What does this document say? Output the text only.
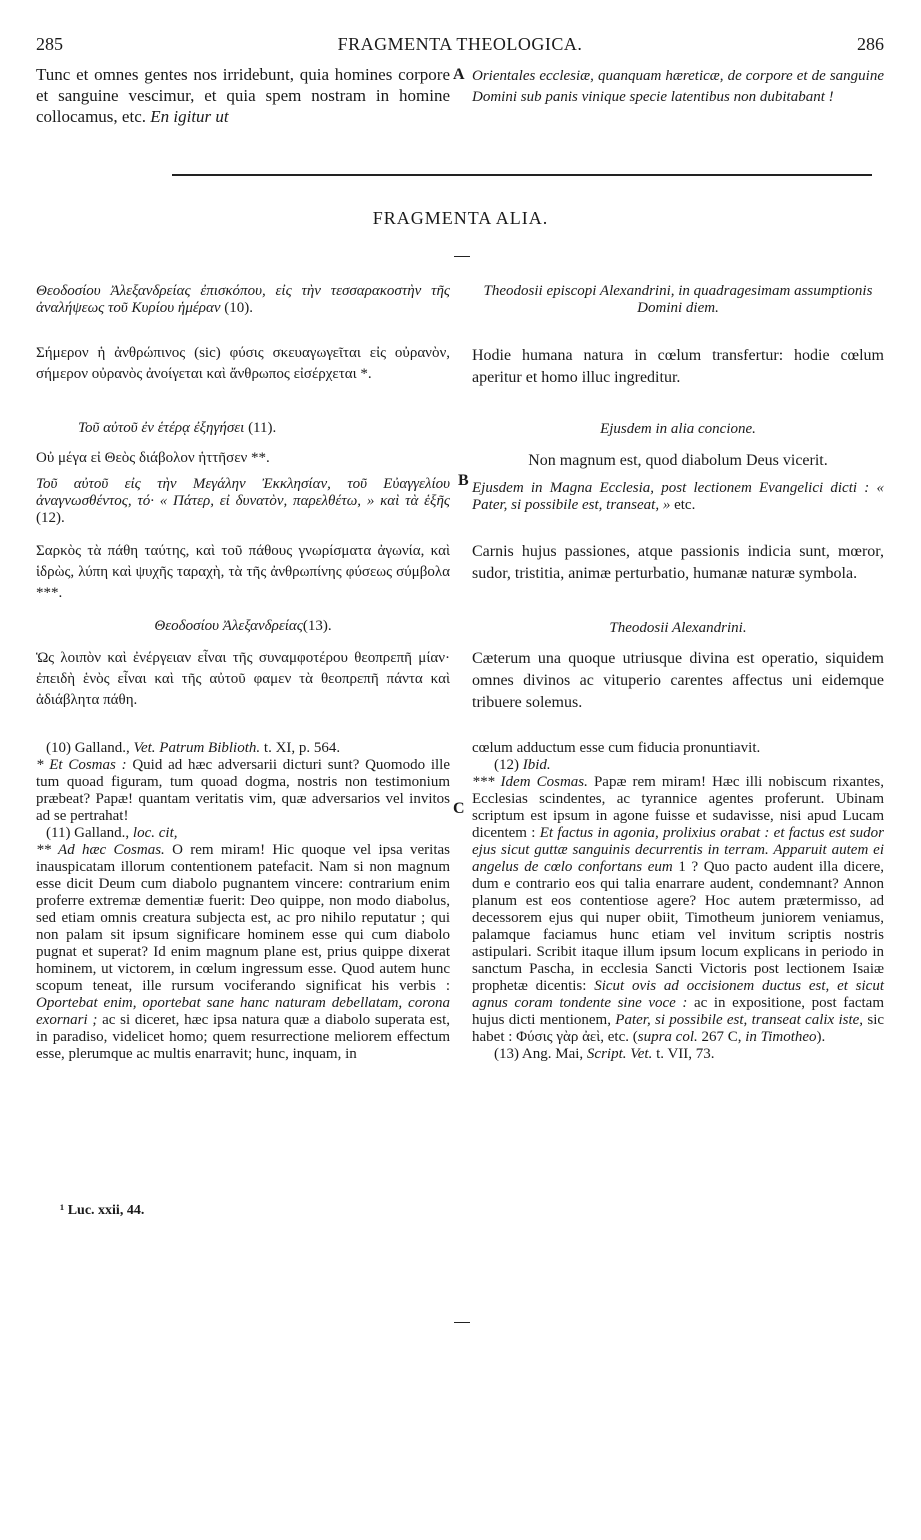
285	FRAGMENTA THEOLOGICA.	286
Tunc et omnes gentes nos irridebunt, quia homines corpore et sanguine vescimur, et quia spem nostram in homine collocamus, etc. En igitur ut
A Orientales ecclesiæ, quanquam hæreticæ, de corpore et de sanguine Domini sub panis vinique specie latentibus non dubitabant !
FRAGMENTA ALIA.

Θεοδοσίου Ἀλεξανδρείας ἐπισκόπου, εἰς τὴν τεσσαρακοστὴν τῆς ἀναλήψεως τοῦ Κυρίου ἡμέραν (10).

Σήμερον ἡ ἀνθρώπινος (sic) φύσις σκευαγωγεῖται εἰς οὐρανὸν, σήμερον οὐρανὸς ἀνοίγεται καὶ ἄνθρωπος εἰσέρχεται *.

Τοῦ αὐτοῦ ἐν ἑτέρᾳ ἐξηγήσει (11).

Οὐ μέγα εἰ Θεὸς διάβολον ἡττῆσεν **.

Τοῦ αὐτοῦ εἰς τὴν Μεγάλην Ἐκκλησίαν, τοῦ Εὐαγγελίου ἀναγνωσθέντος, τό· « Πάτερ, εἰ δυνατὸν, παρελθέτω, » καὶ τὰ ἑξῆς (12).

B

Σαρκὸς τὰ πάθη ταύτης, καὶ τοῦ πάθους γνωρίσματα ἀγωνία, καὶ ἱδρὼς, λύπη καὶ ψυχῆς ταραχὴ, τὰ τῆς ἀνθρωπίνης φύσεως σύμβολα ***.

Θεοδοσίου Ἀλεξανδρείας(13).

Ὡς λοιπὸν καὶ ἐνέργειαν εἶναι τῆς συναμφοτέρου θεοπρεπῆ μίαν· ἐπειδὴ ἑνὸς εἶναι καὶ τῆς αὐτοῦ φαμεν τὰ θεοπρεπῆ πάντα καὶ ἀδιάβλητα πάθη.

Theodosii episcopi Alexandrini, in quadragesimam assumptionis Domini diem.

Hodie humana natura in cœlum transfertur: hodie cœlum aperitur et homo illuc ingreditur.

Ejusdem in alia concione.

Non magnum est, quod diabolum Deus vicerit.

Ejusdem in Magna Ecclesia, post lectionem Evangelici dicti : « Pater, si possibile est, transeat, » etc.

Carnis hujus passiones, atque passionis indicia sunt, mœror, sudor, tristitia, animæ perturbatio, humanæ naturæ symbola.

Theodosii Alexandrini.

Cæterum una quoque utriusque divina est operatio, siquidem omnes divinos ac vituperio carentes affectus uni eidemque tribuere solemus.

(10) Galland., Vet. Patrum Biblioth. t. XI, p. 564.

* Et Cosmas : Quid ad hæc adversarii dicturi sunt? Quomodo ille tum quoad figuram, tum quoad dogma, nostris non testimonium præbeat? Papæ! quantam veritatis vim, quæ adversarios vel invitos ad se pertrahat!

(11) Galland., loc. cit,

** Ad hæc Cosmas. O rem miram! Hic quoque vel ipsa veritas inauspicatam illorum contentionem patefacit. Nam si non magnum esse dicit Deum cum diabolo pugnantem vincere: contrarium enim proferre extremæ dementiæ fuerit: Deo quippe, non modo diabolus, sed etiam omnis creatura subjecta est, ac pro nihilo reputatur ; qui non palam sit ipsum significare hominem esse qui cum diabolo pugnat et superat? Id enim magnum plane est, prius quippe dixerat hominem, ut victorem, in cœlum ingressum esse. Quod autem hunc scopum teneat, ille rursum vociferando significat his verbis : Oportebat enim, oportebat sane hanc naturam debellatam, corona exornari ; ac si diceret, hæc ipsa natura quæ a diabolo superata est, in paradiso, videlicet homo; quem resurrectione meliorem effectum esse, plerumque ac multis enarravit; hunc, inquam, in

C

cœlum adductum esse cum fiducia pronuntiavit.

(12) Ibid.

*** Idem Cosmas. Papæ rem miram! Hæc illi nobiscum rixantes, Ecclesias scindentes, ac tyrannice agentes proferunt. Ubinam scriptum est ipsum in agone fuisse et sudavisse, nisi apud Lucam dicentem : Et factus in agonia, prolixius orabat : et factus est sudor ejus sicut guttæ sanguinis decurrentis in terram. Apparuit autem ei angelus de cœlo confortans eum 1 ? Quo pacto audent illa dicere, dum e contrario eos qui talia enarrare audent, condemnant? Annon planum est eos contentiose agere? Hoc autem prætermisso, ad decessorem ejus qui nuper obiit, Timotheum juniorem veniamus, palamque faciamus hunc etiam vel invitum scriptis nostris astipulari. Scribit itaque illum ipsum locum explicans in periodo in sanctum Pascha, in ecclesia Sancti Victoris post lectionem Isaiæ prophetæ dicentis: Sicut ovis ad occisionem ductus est, et sicut agnus coram tondente sine voce : ac in expositione, post factam hujus dicti mentionem, Pater, si possibile est, transeat calix iste, sic habet : Φύσις γὰρ ἀεὶ, etc. (supra col. 267 C, in Timotheo).

(13) Ang. Mai, Script. Vet. t. VII, 73.

¹ Luc. xxii, 44.
